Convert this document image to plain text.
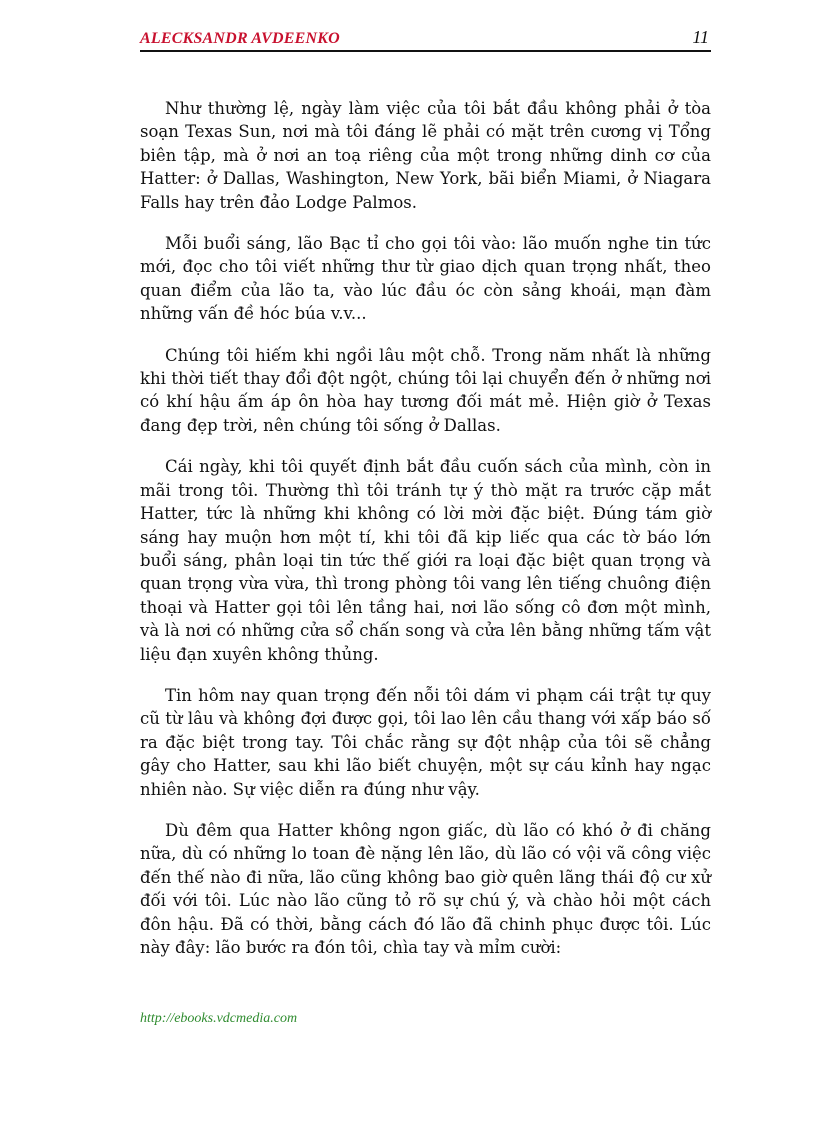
ALECKSANDR AVDEENKO	11

Như thường lệ, ngày làm việc của tôi bắt đầu không phải ở tòa soạn Texas Sun, nơi mà tôi đáng lẽ phải có mặt trên cương vị Tổng biên tập, mà ở nơi an toạ riêng của một trong những dinh cơ của Hatter: ở Dallas, Washington, New York, bãi biển Miami, ở Niagara Falls hay trên đảo Lodge Palmos.

Mỗi buổi sáng, lão Bạc tỉ cho gọi tôi vào: lão muốn nghe tin tức mới, đọc cho tôi viết những thư từ giao dịch quan trọng nhất, theo quan điểm của lão ta, vào lúc đầu óc còn sảng khoái, mạn đàm những vấn đề hóc búa v.v...

Chúng tôi hiếm khi ngồi lâu một chỗ. Trong năm nhất là những khi thời tiết thay đổi đột ngột, chúng tôi lại chuyển đến ở những nơi có khí hậu ấm áp ôn hòa hay tương đối mát mẻ. Hiện giờ ở Texas đang đẹp trời, nên chúng tôi sống ở Dallas.

Cái ngày, khi tôi quyết định bắt đầu cuốn sách của mình, còn in mãi trong tôi. Thường thì tôi tránh tự ý thò mặt ra trước cặp mắt Hatter, tức là những khi không có lời mời đặc biệt. Đúng tám giờ sáng hay muộn hơn một tí, khi tôi đã kịp liếc qua các tờ báo lớn buổi sáng, phân loại tin tức thế giới ra loại đặc biệt quan trọng và quan trọng vừa vừa, thì trong phòng tôi vang lên tiếng chuông điện thoại và Hatter gọi tôi lên tầng hai, nơi lão sống cô đơn một mình, và là nơi có những cửa sổ chấn song và cửa lên bằng những tấm vật liệu đạn xuyên không thủng.

Tin hôm nay quan trọng đến nỗi tôi dám vi phạm cái trật tự quy cũ từ lâu và không đợi được gọi, tôi lao lên cầu thang với xấp báo số ra đặc biệt trong tay. Tôi chắc rằng sự đột nhập của tôi sẽ chẳng gây cho Hatter, sau khi lão biết chuyện, một sự cáu kỉnh hay ngạc nhiên nào. Sự việc diễn ra đúng như vậy.

Dù đêm qua Hatter không ngon giấc, dù lão có khó ở đi chăng nữa, dù có những lo toan đè nặng lên lão, dù lão có vội vã công việc đến thế nào đi nữa, lão cũng không bao giờ quên lãng thái độ cư xử đối với tôi. Lúc nào lão cũng tỏ rõ sự chú ý, và chào hỏi một cách đôn hậu. Đã có thời, bằng cách đó lão đã chinh phục được tôi. Lúc này đây: lão bước ra đón tôi, chìa tay và mỉm cười:

http://ebooks.vdcmedia.com
